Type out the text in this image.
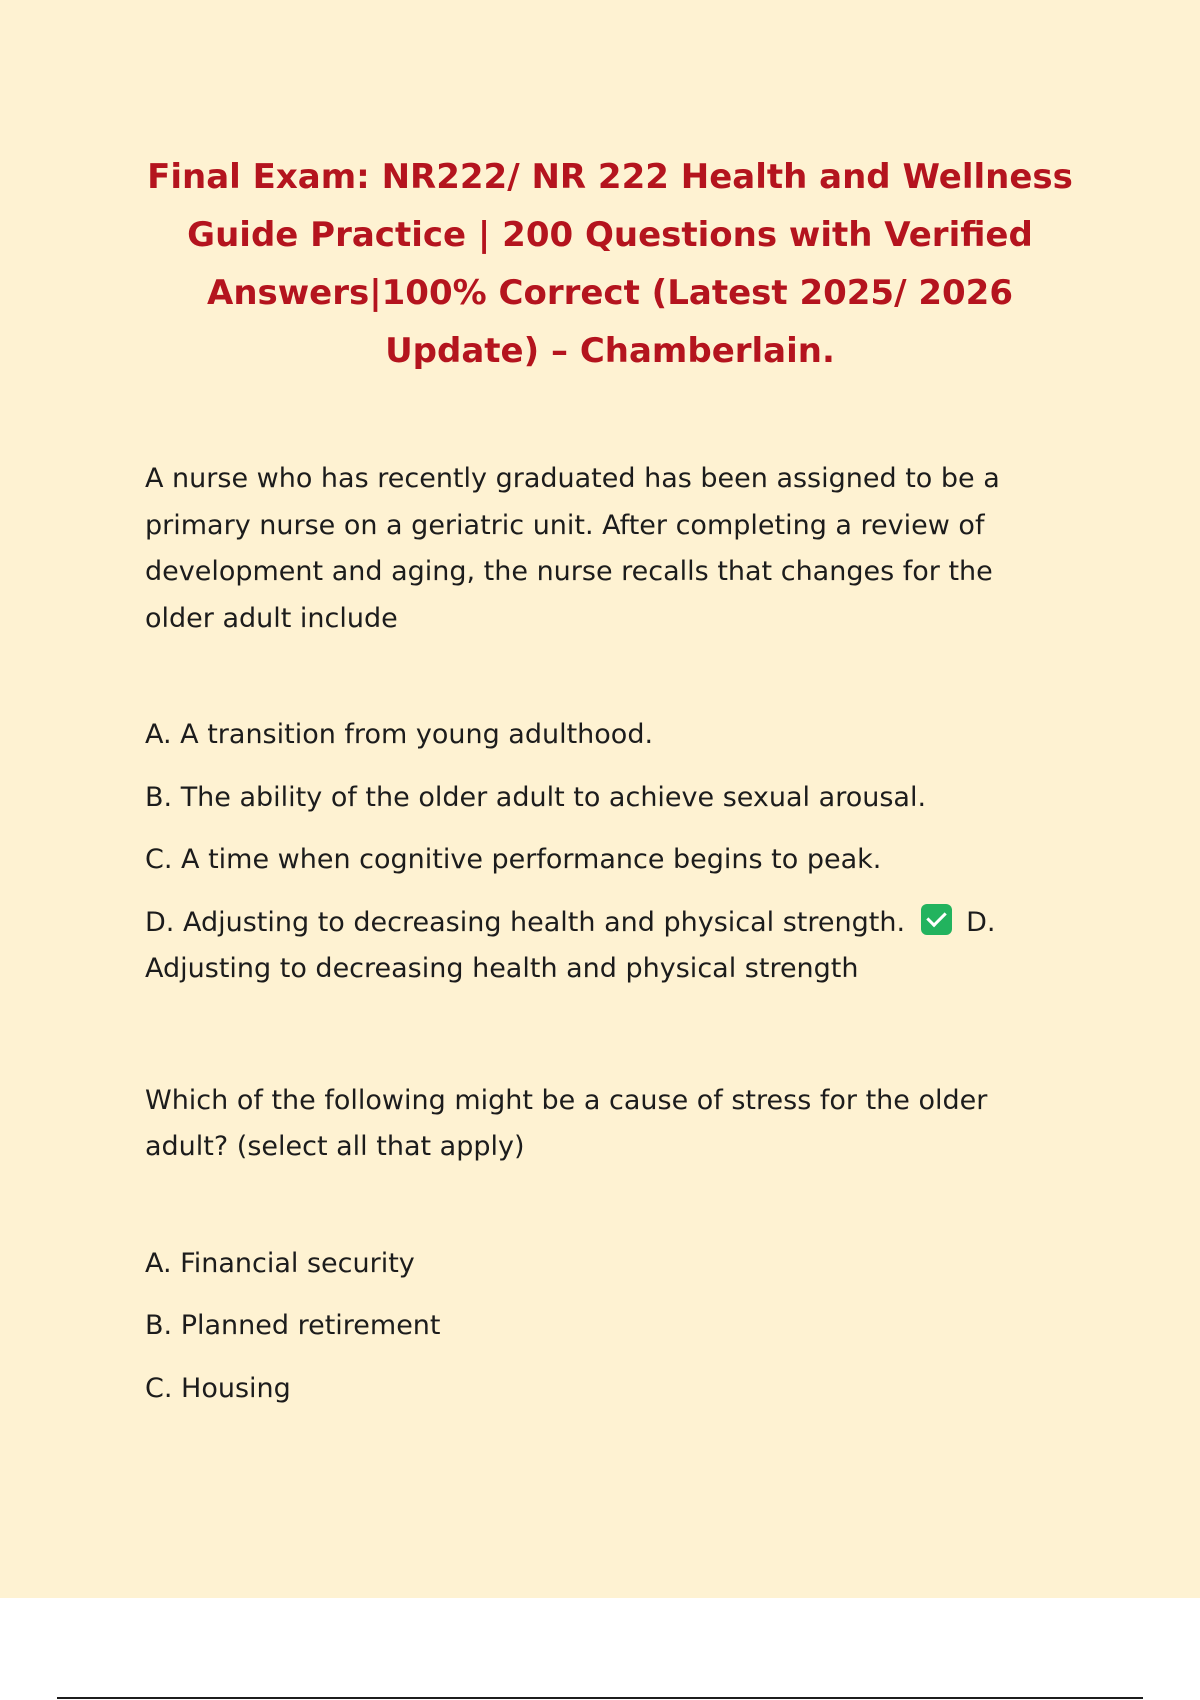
Final Exam: NR222/ NR 222 Health and Wellness Guide Practice | 200 Questions with Verified Answers|100% Correct (Latest 2025/ 2026 Update) – Chamberlain.

A nurse who has recently graduated has been assigned to be a primary nurse on a geriatric unit. After completing a review of development and aging, the nurse recalls that changes for the older adult include

A. A transition from young adulthood.
B. The ability of the older adult to achieve sexual arousal.
C. A time when cognitive performance begins to peak.
D. Adjusting to decreasing health and physical strength. D. Adjusting to decreasing health and physical strength

Which of the following might be a cause of stress for the older adult? (select all that apply)

A. Financial security
B. Planned retirement
C. Housing
